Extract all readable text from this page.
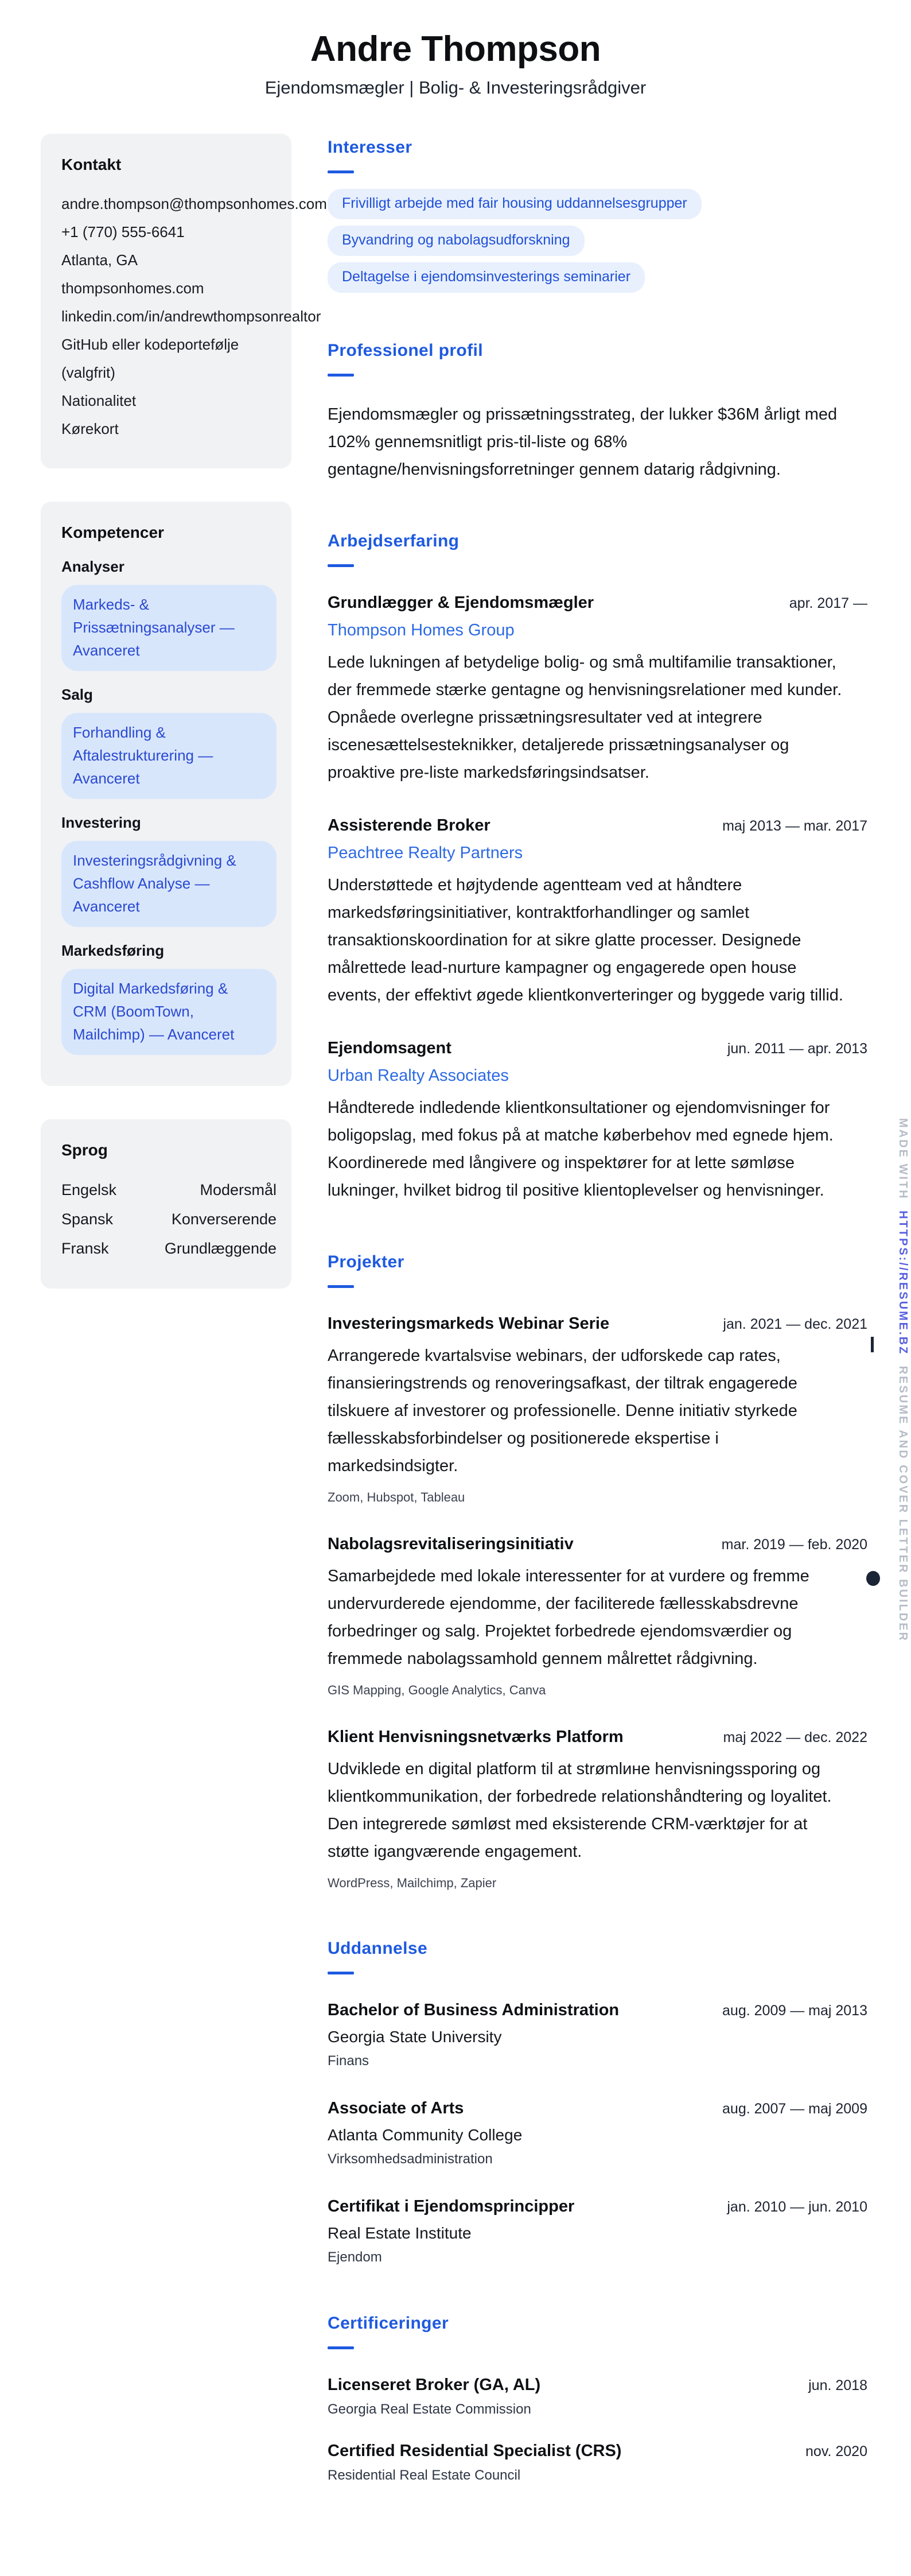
Andre Thompson
Ejendomsmægler | Bolig- & Investeringsrådgiver
Kontakt
andre.thompson@thompsonhomes.com
+1 (770) 555-6641
Atlanta, GA
thompsonhomes.com
linkedin.com/in/andrewthompsonrealtor
GitHub eller kodeportefølje (valgfrit)
Nationalitet
Kørekort
Kompetencer
Analyser
Markeds- & Prissætningsanalyser — Avanceret
Salg
Forhandling & Aftalestrukturering — Avanceret
Investering
Investeringsrådgivning & Cashflow Analyse — Avanceret
Markedsføring
Digital Markedsføring & CRM (BoomTown, Mailchimp) — Avanceret
Sprog
Engelsk	Modersmål
Spansk	Konverserende
Fransk	Grundlæggende
Interesser
Frivilligt arbejde med fair housing uddannelsesgrupper
Byvandring og nabolagsudforskning
Deltagelse i ejendomsinvesterings seminarier
Professionel profil

Ejendomsmægler og prissætningsstrateg, der lukker $36M årligt med 102% gennemsnitligt pris-til-liste og 68% gentagne/henvisningsforretninger gennem datarig rådgivning.

Arbejdserfaring
Grundlægger & Ejendomsmægler	apr. 2017 —
Thompson Homes Group

Lede lukningen af betydelige bolig- og små multifamilie transaktioner, der fremmede stærke gentagne og henvisningsrelationer med kunder. Opnåede overlegne prissætningsresultater ved at integrere iscenesættelsesteknikker, detaljerede prissætningsanalyser og proaktive pre-liste markedsføringsindsatser.

Assisterende Broker	maj 2013 — mar. 2017
Peachtree Realty Partners

Understøttede et højtydende agentteam ved at håndtere markedsføringsinitiativer, kontraktforhandlinger og samlet transaktionskoordination for at sikre glatte processer. Designede målrettede lead-nurture kampagner og engagerede open house events, der effektivt øgede klientkonverteringer og byggede varig tillid.

Ejendomsagent	jun. 2011 — apr. 2013
Urban Realty Associates

Håndterede indledende klientkonsultationer og ejendomvisninger for boligopslag, med fokus på at matche køberbehov med egnede hjem. Koordinerede med långivere og inspektører for at lette sømløse lukninger, hvilket bidrog til positive klientoplevelser og henvisninger.

Projekter
Investeringsmarkeds Webinar Serie	jan. 2021 — dec. 2021

Arrangerede kvartalsvise webinars, der udforskede cap rates, finansieringstrends og renoveringsafkast, der tiltrak engagerede tilskuere af investorer og professionelle. Denne initiativ styrkede fællesskabsforbindelser og positionerede ekspertise i markedsindsigter.

Zoom, Hubspot, Tableau
Nabolagsrevitaliseringsinitiativ	mar. 2019 — feb. 2020

Samarbejdede med lokale interessenter for at vurdere og fremme undervurderede ejendomme, der faciliterede fællesskabsdrevne forbedringer og salg. Projektet forbedrede ejendomsværdier og fremmede nabolagssamhold gennem målrettet rådgivning.

GIS Mapping, Google Analytics, Canva
Klient Henvisningsnetværks Platform	maj 2022 — dec. 2022

Udviklede en digital platform til at strømlине henvisningssporing og klientkommunikation, der forbedrede relationshåndtering og loyalitet. Den integrerede sømløst med eksisterende CRM-værktøjer for at støtte igangværende engagement.

WordPress, Mailchimp, Zapier
Uddannelse
Bachelor of Business Administration	aug. 2009 — maj 2013
Georgia State University
Finans
Associate of Arts	aug. 2007 — maj 2009
Atlanta Community College
Virksomhedsadministration
Certifikat i Ejendomsprincipper	jan. 2010 — jun. 2010
Real Estate Institute
Ejendom
Certificeringer
Licenseret Broker (GA, AL)	jun. 2018
Georgia Real Estate Commission
Certified Residential Specialist (CRS)	nov. 2020
Residential Real Estate Council
MADE WITH HTTPS://RESUME.BZ RESUME AND COVER LETTER BUILDER
